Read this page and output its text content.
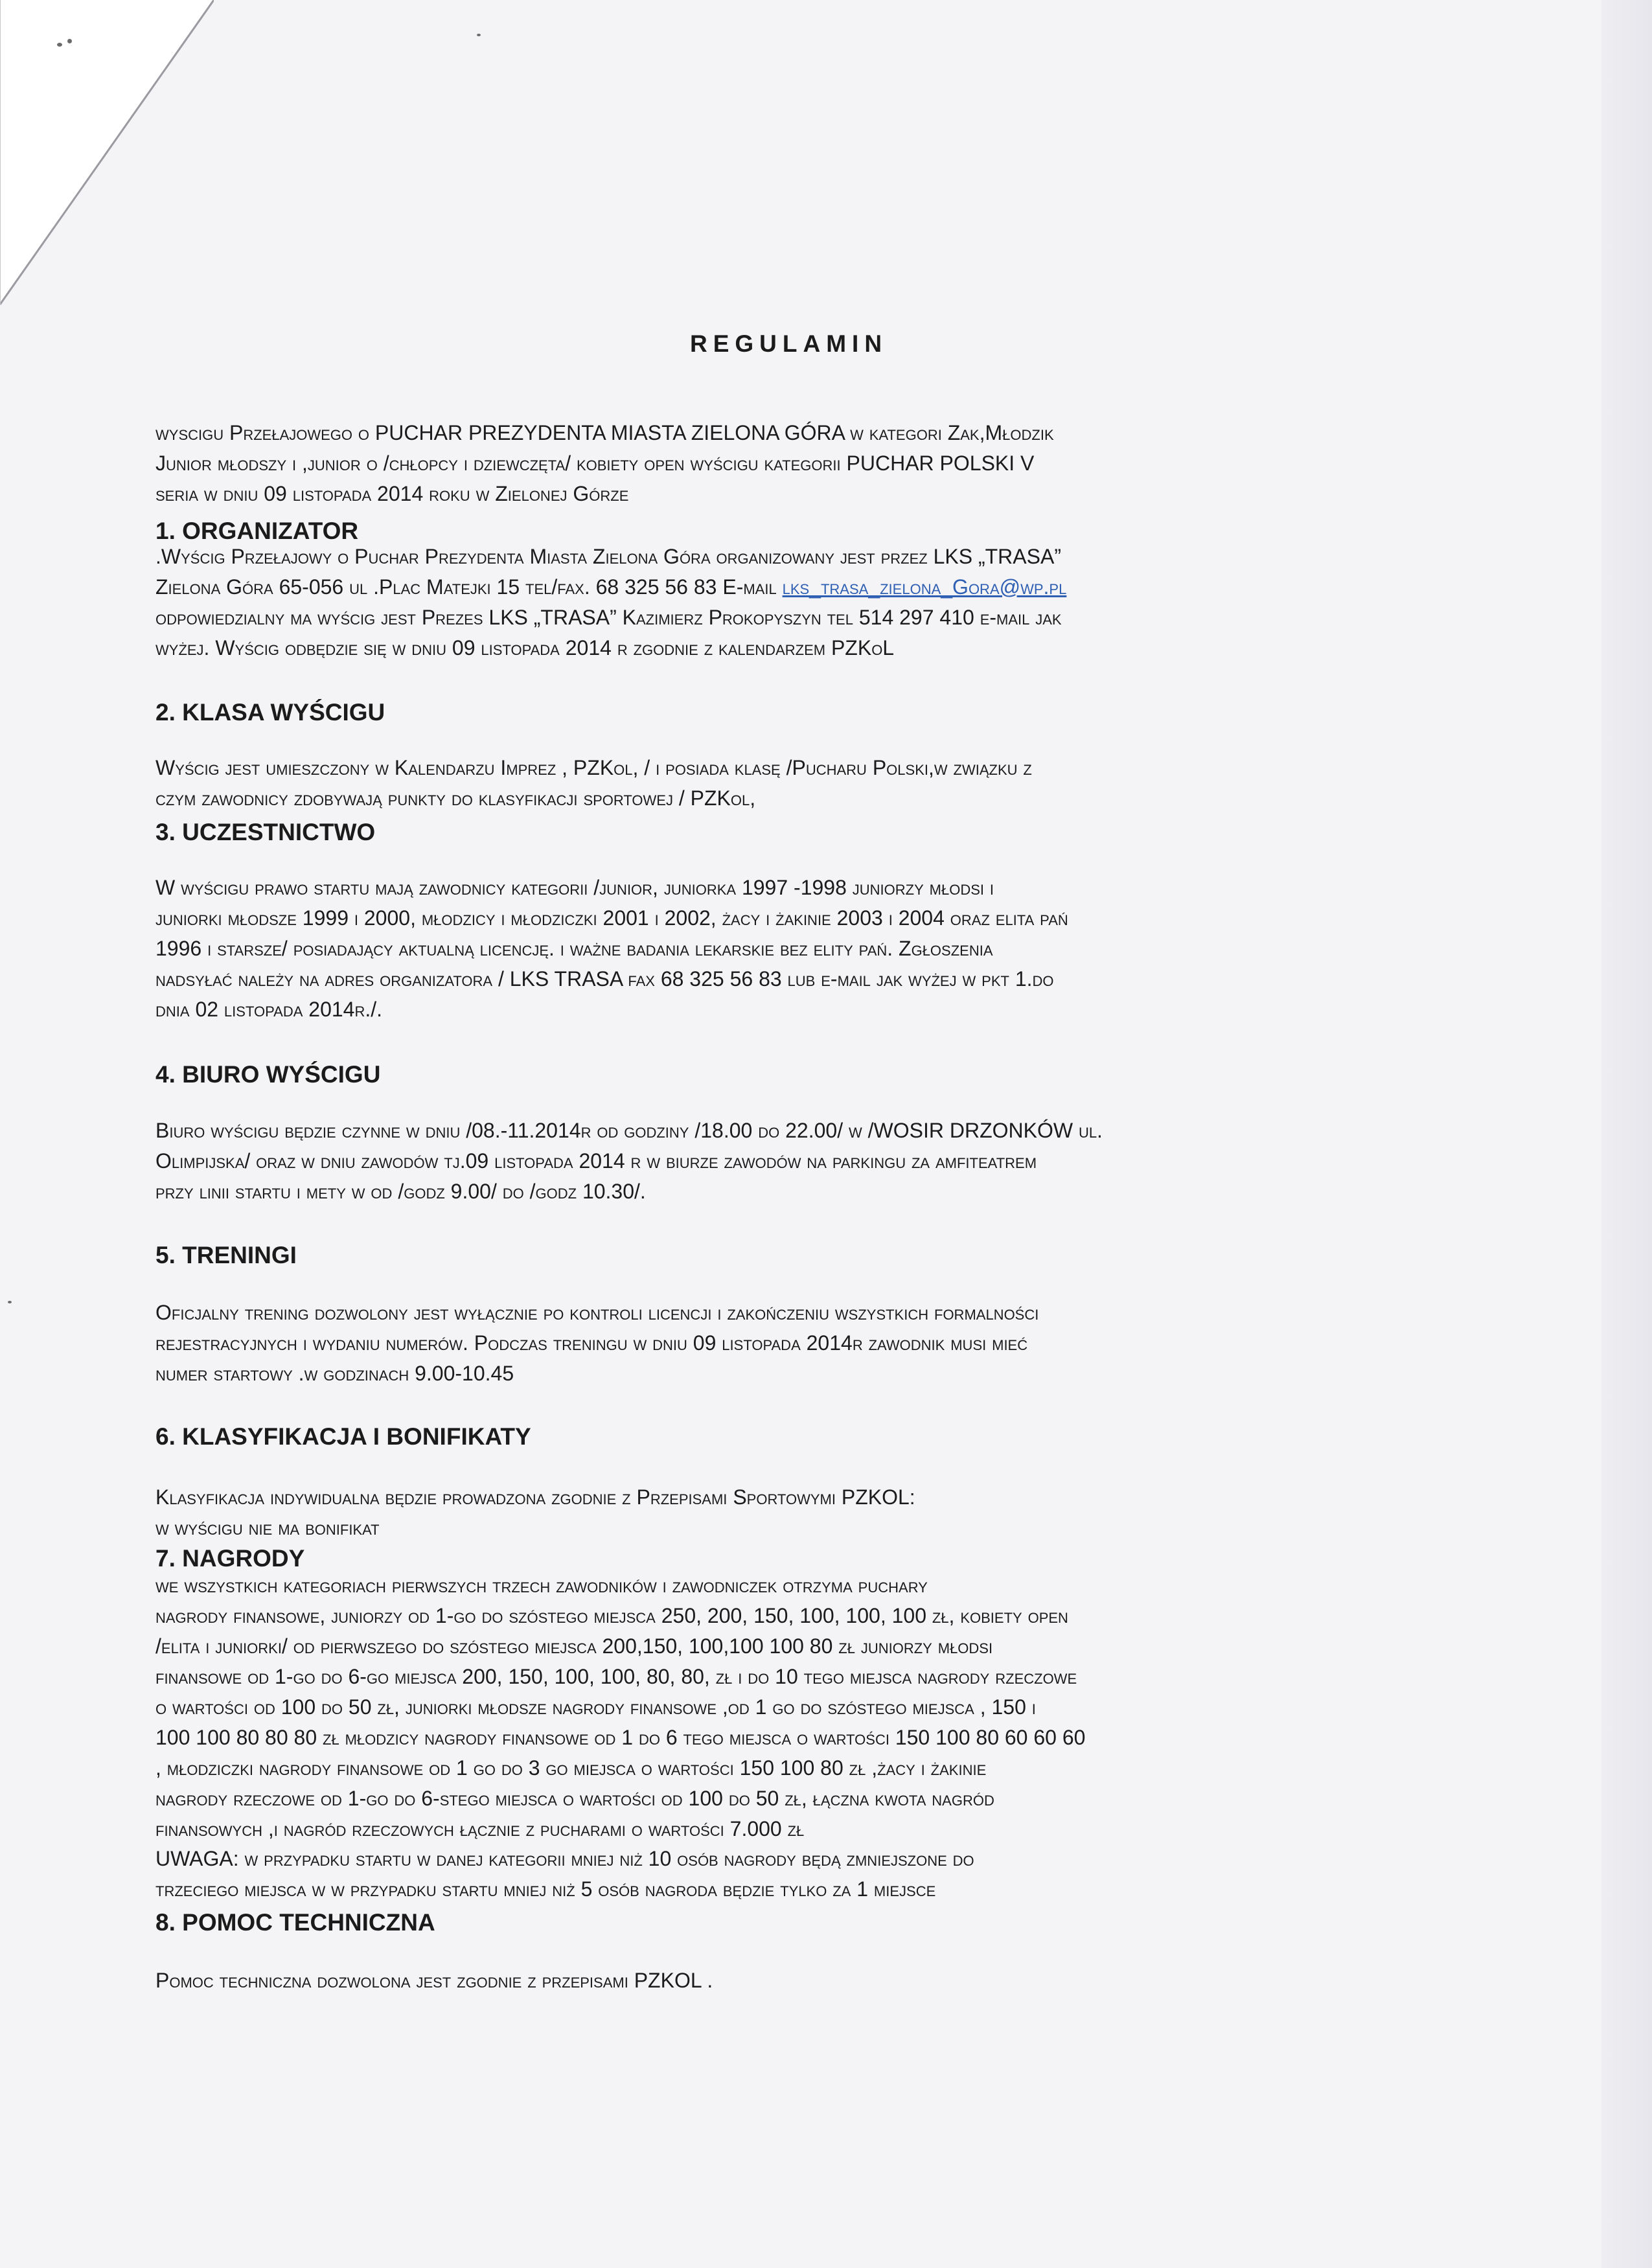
REGULAMIN
wyscigu Przełajowego o PUCHAR PREZYDENTA MIASTA ZIELONA GÓRA w kategori Zak,Młodzik
Junior młodszy i ,junior o /chłopcy i dziewczęta/ kobiety open wyścigu kategorii PUCHAR POLSKI V
seria w dniu 09 listopada 2014 roku w Zielonej Górze
1. ORGANIZATOR
.Wyścig Przełajowy o Puchar Prezydenta Miasta Zielona Góra organizowany jest przez LKS „TRASA”
Zielona Góra 65-056 ul .Plac Matejki 15 tel/fax. 68 325 56 83 E-mail lks_trasa_zielona_Gora@wp.pl
odpowiedzialny ma wyścig jest Prezes LKS „TRASA” Kazimierz Prokopyszyn tel 514 297 410 e-mail jak
wyżej. Wyścig odbędzie się w dniu 09 listopada 2014 r zgodnie z kalendarzem PZKoL
2. KLASA WYŚCIGU
Wyścig jest umieszczony w Kalendarzu Imprez , PZKol, / i posiada klasę /Pucharu Polski,w związku z
czym zawodnicy zdobywają punkty do klasyfikacji sportowej / PZKol,
3. UCZESTNICTWO
W wyścigu prawo startu mają zawodnicy kategorii /junior, juniorka 1997 -1998 juniorzy młodsi i
juniorki młodsze 1999 i 2000, młodzicy i młodziczki 2001 i 2002, żacy i żakinie 2003 i 2004 oraz elita pań
1996 i starsze/ posiadający aktualną licencję. i ważne badania lekarskie bez elity pań. Zgłoszenia
nadsyłać należy na adres organizatora / LKS TRASA fax 68 325 56 83 lub e-mail jak wyżej w pkt 1.do
dnia 02 listopada 2014r./.
4. BIURO WYŚCIGU
Biuro wyścigu będzie czynne w dniu /08.-11.2014r od godziny /18.00 do 22.00/ w /WOSIR DRZONKÓW ul.
Olimpijska/ oraz w dniu zawodów tj.09 listopada 2014 r w biurze zawodów na parkingu za amfiteatrem
przy linii startu i mety w od /godz 9.00/ do /godz 10.30/.
5. TRENINGI
Oficjalny trening dozwolony jest wyłącznie po kontroli licencji i zakończeniu wszystkich formalności
rejestracyjnych i wydaniu numerów. Podczas treningu w dniu 09 listopada 2014r zawodnik musi mieć
numer startowy .w godzinach 9.00-10.45
6. KLASYFIKACJA I BONIFIKATY
Klasyfikacja indywidualna będzie prowadzona zgodnie z Przepisami Sportowymi PZKOL:
w wyścigu nie ma bonifikat
7. NAGRODY
we wszystkich kategoriach pierwszych trzech zawodników i zawodniczek otrzyma puchary
nagrody finansowe, juniorzy od 1-go do szóstego miejsca 250, 200, 150, 100, 100, 100 zł, kobiety open
/elita i juniorki/ od pierwszego do szóstego miejsca 200,150, 100,100 100 80 zł juniorzy młodsi
finansowe od 1-go do 6-go miejsca 200, 150, 100, 100, 80, 80, zł i do 10 tego miejsca nagrody rzeczowe
o wartości od 100 do 50 zł, juniorki młodsze nagrody finansowe ,od 1 go do szóstego miejsca , 150 i
100 100 80 80 80 zł młodzicy nagrody finansowe od 1 do 6 tego miejsca o wartości 150 100 80 60 60 60
, młodziczki nagrody finansowe od 1 go do 3 go miejsca o wartości 150 100 80 zł ,żacy i żakinie
nagrody rzeczowe od 1-go do 6-stego miejsca o wartości od 100 do 50 zł, łączna kwota nagród
finansowych ,i nagród rzeczowych łącznie z pucharami o wartości 7.000 zł
UWAGA: w przypadku startu w danej kategorii mniej niż 10 osób nagrody będą zmniejszone do
trzeciego miejsca w w przypadku startu mniej niż 5 osób nagroda będzie tylko za 1 miejsce
8. POMOC TECHNICZNA
Pomoc techniczna dozwolona jest zgodnie z przepisami PZKOL .
